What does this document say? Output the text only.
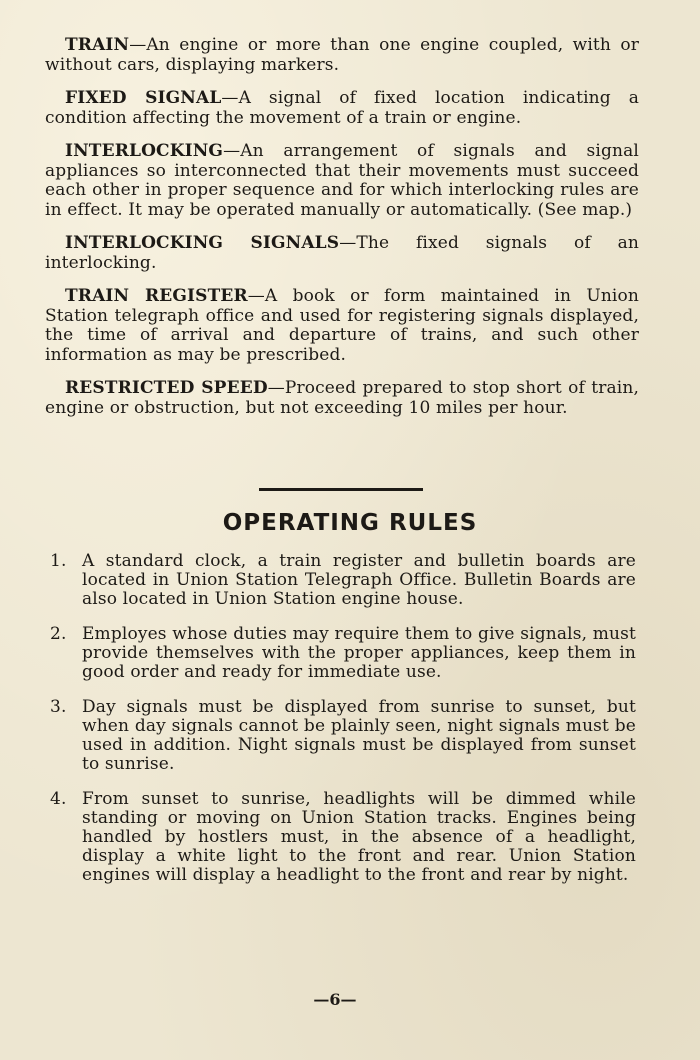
TRAIN—An engine or more than one engine coupled, with or without cars, displaying markers.

FIXED SIGNAL—A signal of fixed location indicating a condition affecting the movement of a train or engine.

INTERLOCKING—An arrangement of signals and signal appliances so interconnected that their movements must succeed each other in proper sequence and for which interlocking rules are in effect. It may be operated manually or automatically. (See map.)

INTERLOCKING SIGNALS—The fixed signals of an interlocking.

TRAIN REGISTER—A book or form maintained in Union Station telegraph office and used for registering signals displayed, the time of arrival and departure of trains, and such other information as may be prescribed.

RESTRICTED SPEED—Proceed prepared to stop short of train, engine or obstruction, but not exceeding 10 miles per hour.

OPERATING RULES
1. A standard clock, a train register and bulletin boards are located in Union Station Telegraph Office. Bulletin Boards are also located in Union Station engine house.
2. Employes whose duties may require them to give signals, must provide themselves with the proper appliances, keep them in good order and ready for immediate use.
3. Day signals must be displayed from sunrise to sunset, but when day signals cannot be plainly seen, night signals must be used in addition. Night signals must be displayed from sunset to sunrise.
4. From sunset to sunrise, headlights will be dimmed while standing or moving on Union Station tracks. Engines being handled by hostlers must, in the absence of a headlight, display a white light to the front and rear. Union Station engines will display a headlight to the front and rear by night.
—6—
